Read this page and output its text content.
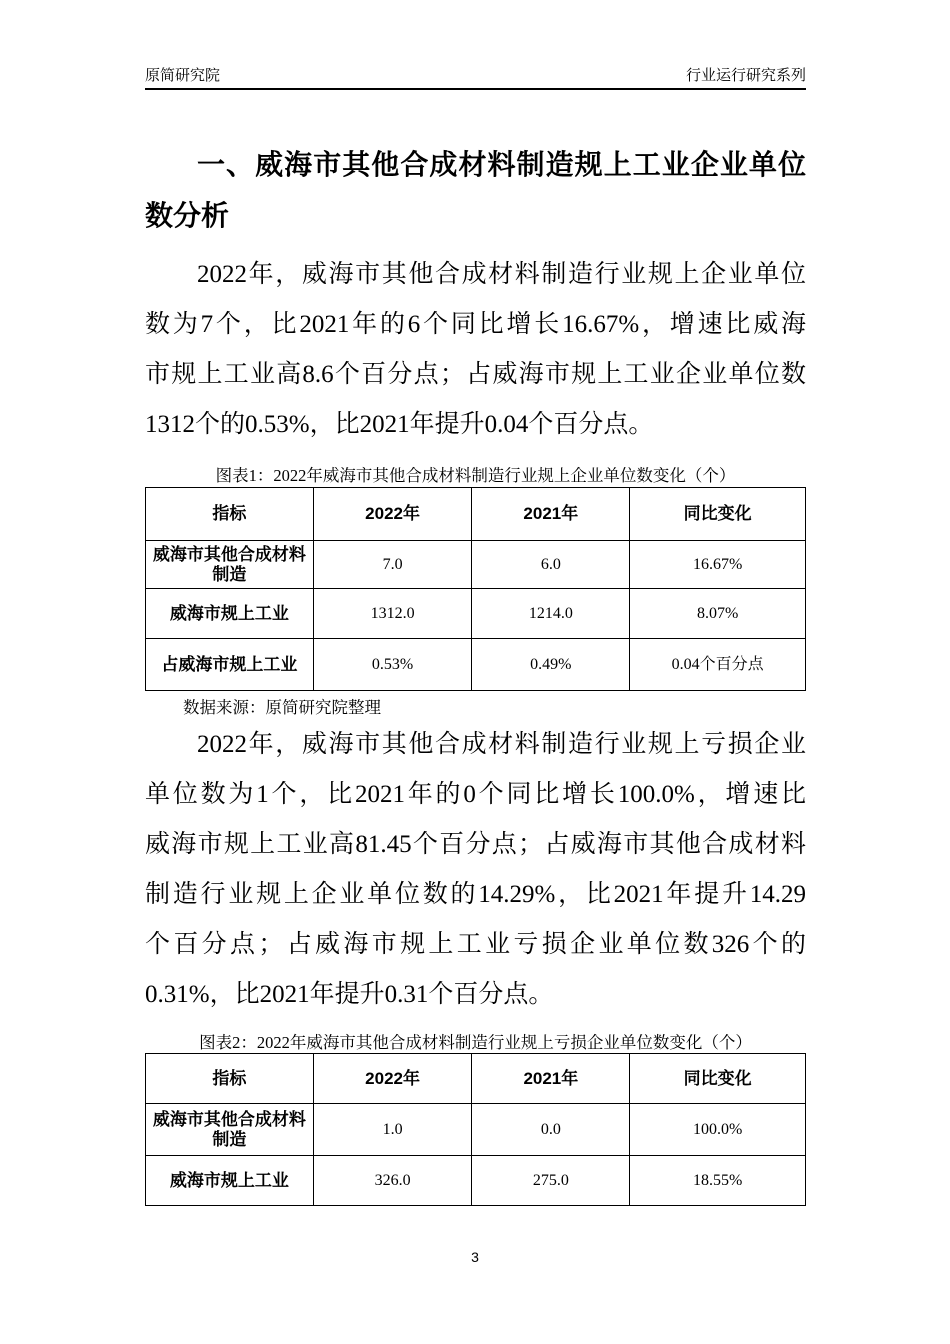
原简研究院	行业运行研究系列
一、威海市其他合成材料制造规上工业企业单位
数分析
2022年，威海市其他合成材料制造行业规上企业单位
数为7个，比2021年的6个同比增长16.67%，增速比威海
市规上工业高8.6个百分点；占威海市规上工业企业单位数
1312个的0.53%，比2021年提升0.04个百分点。
图表1：2022年威海市其他合成材料制造行业规上企业单位数变化（个）
指标	2022年	2021年	同比变化
威海市其他合成材料制造	7.0	6.0	16.67%
威海市规上工业	1312.0	1214.0	8.07%
占威海市规上工业	0.53%	0.49%	0.04个百分点
数据来源：原简研究院整理
2022年，威海市其他合成材料制造行业规上亏损企业
单位数为1个，比2021年的0个同比增长100.0%，增速比
威海市规上工业高81.45个百分点；占威海市其他合成材料
制造行业规上企业单位数的14.29%，比2021年提升14.29
个百分点；占威海市规上工业亏损企业单位数326个的
0.31%，比2021年提升0.31个百分点。
图表2：2022年威海市其他合成材料制造行业规上亏损企业单位数变化（个）
指标	2022年	2021年	同比变化
威海市其他合成材料制造	1.0	0.0	100.0%
威海市规上工业	326.0	275.0	18.55%
3
